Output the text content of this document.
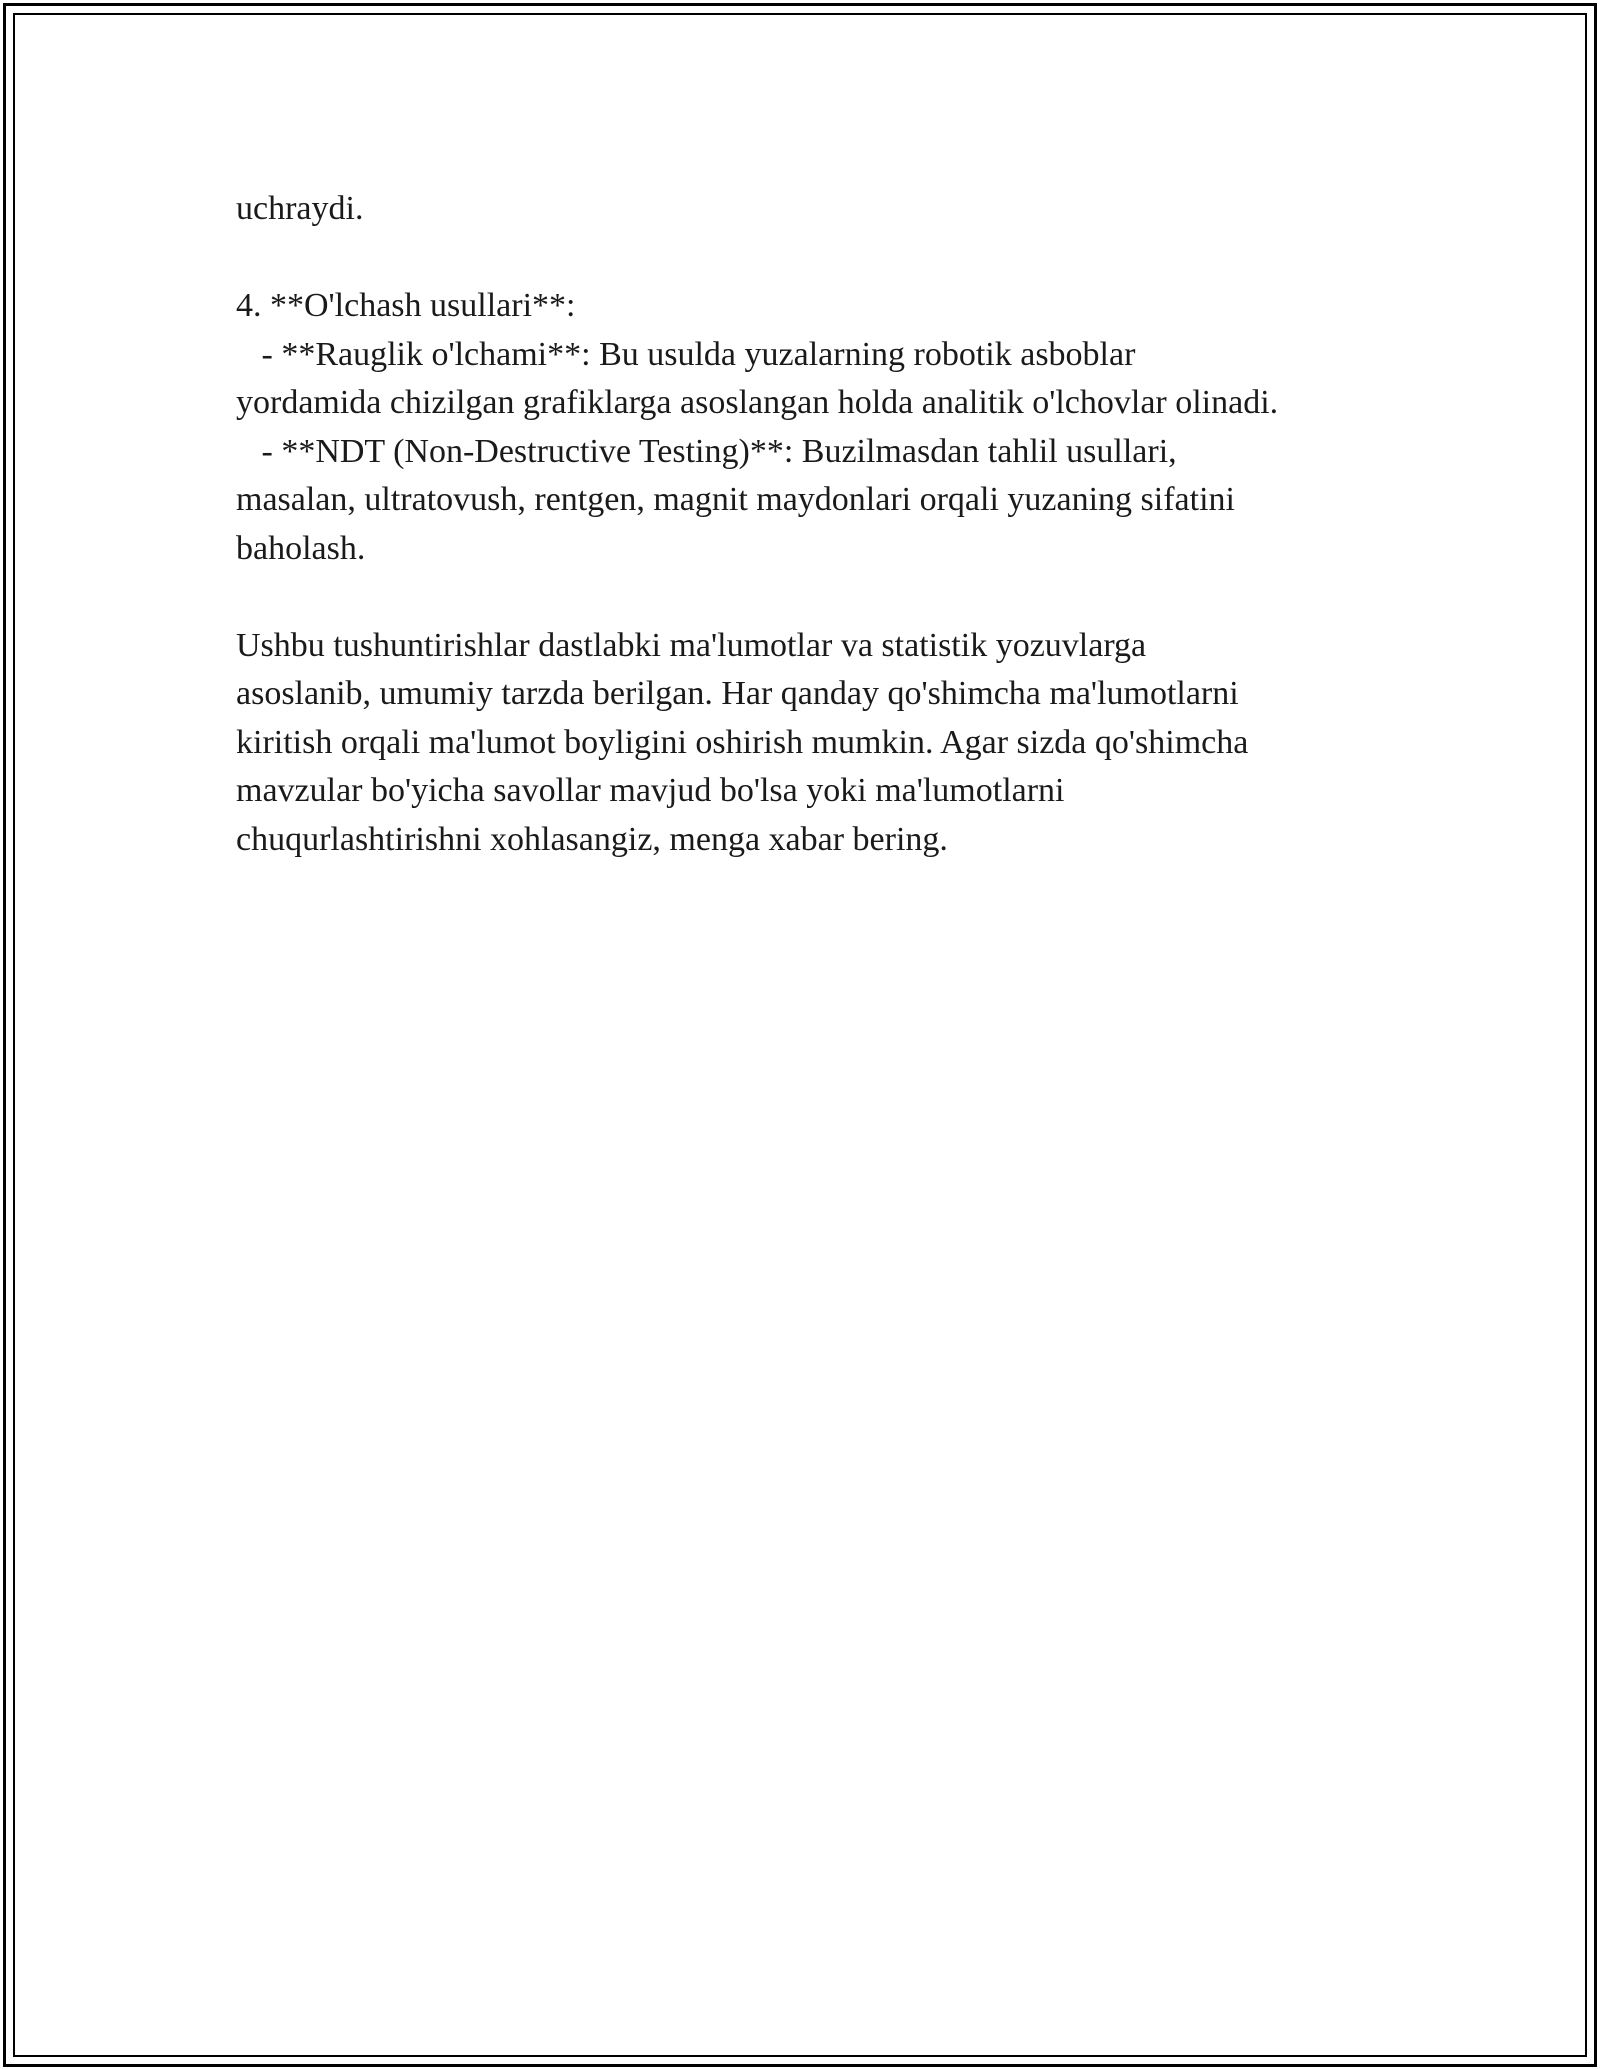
uchraydi.
4. **O'lchash usullari**:
- **Rauglik o'lchami**: Bu usulda yuzalarning robotik asboblar
yordamida chizilgan grafiklarga asoslangan holda analitik o'lchovlar olinadi.
- **NDT (Non-Destructive Testing)**: Buzilmasdan tahlil usullari,
masalan, ultratovush, rentgen, magnit maydonlari orqali yuzaning sifatini
baholash.
Ushbu tushuntirishlar dastlabki ma'lumotlar va statistik yozuvlarga
asoslanib, umumiy tarzda berilgan. Har qanday qo'shimcha ma'lumotlarni
kiritish orqali ma'lumot boyligini oshirish mumkin. Agar sizda qo'shimcha
mavzular bo'yicha savollar mavjud bo'lsa yoki ma'lumotlarni
chuqurlashtirishni xohlasangiz, menga xabar bering.
